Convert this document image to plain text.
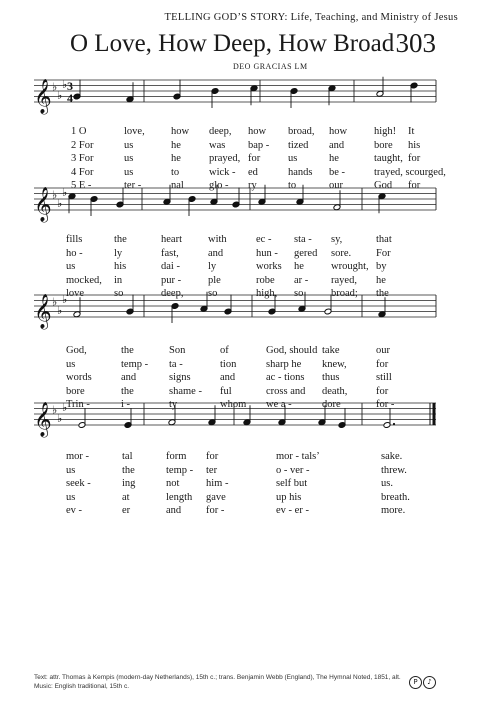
TELLING GOD’S STORY: Life, Teaching, and Ministry of Jesus
O Love, How Deep, How Broad 303
DEO GRACIAS LM
𝄞 ♭
♭
♭ 3
4
1 O	love,	how deep, how broad, how	high! It
2 For	us	he	was bap - tized and	bore his
3 For	us	he	prayed, for	us	he	taught, for
4 For	us	to	wick - ed	hands be -	trayed, scourged,
5 E -	ter -	nal glo - ry	to	our	God for
𝄞 ♭
♭
♭
fills	the	heart with	ec - sta - sy,	that
ho -	ly	fast,	and	hun - gered sore. For
us	his	dai -	ly	works he	wrought, by
mocked, in	pur -	ple	robe ar - rayed, he
love	so	deep, so	high, so	broad; the
𝄞 ♭
♭
♭
God,	the	Son	of	God, should take	our
us	temp - ta -	tion	sharp he knew,	for
words	and	signs	and	ac - tions thus	still
bore	the	shame - ful	cross and death,	for
Trin -	i -	ty	whom we a -	dore	for -
𝄞 ♭
♭
♭
mor -	tal	form for	mor - tals’	sake.
us	the	temp - ter	o - ver -	threw.
seek -	ing	not	him -	self but	us.
us	at	length gave	up his	breath.
ev -	er	and for -	ev - er -	more.
Text: attr. Thomas à Kempis (modern-day Netherlands), 15th c.; trans. Benjamin Webb (England), The Hymnal Noted, 1851, alt.
Music: English traditional, 15th c.
P	♪
